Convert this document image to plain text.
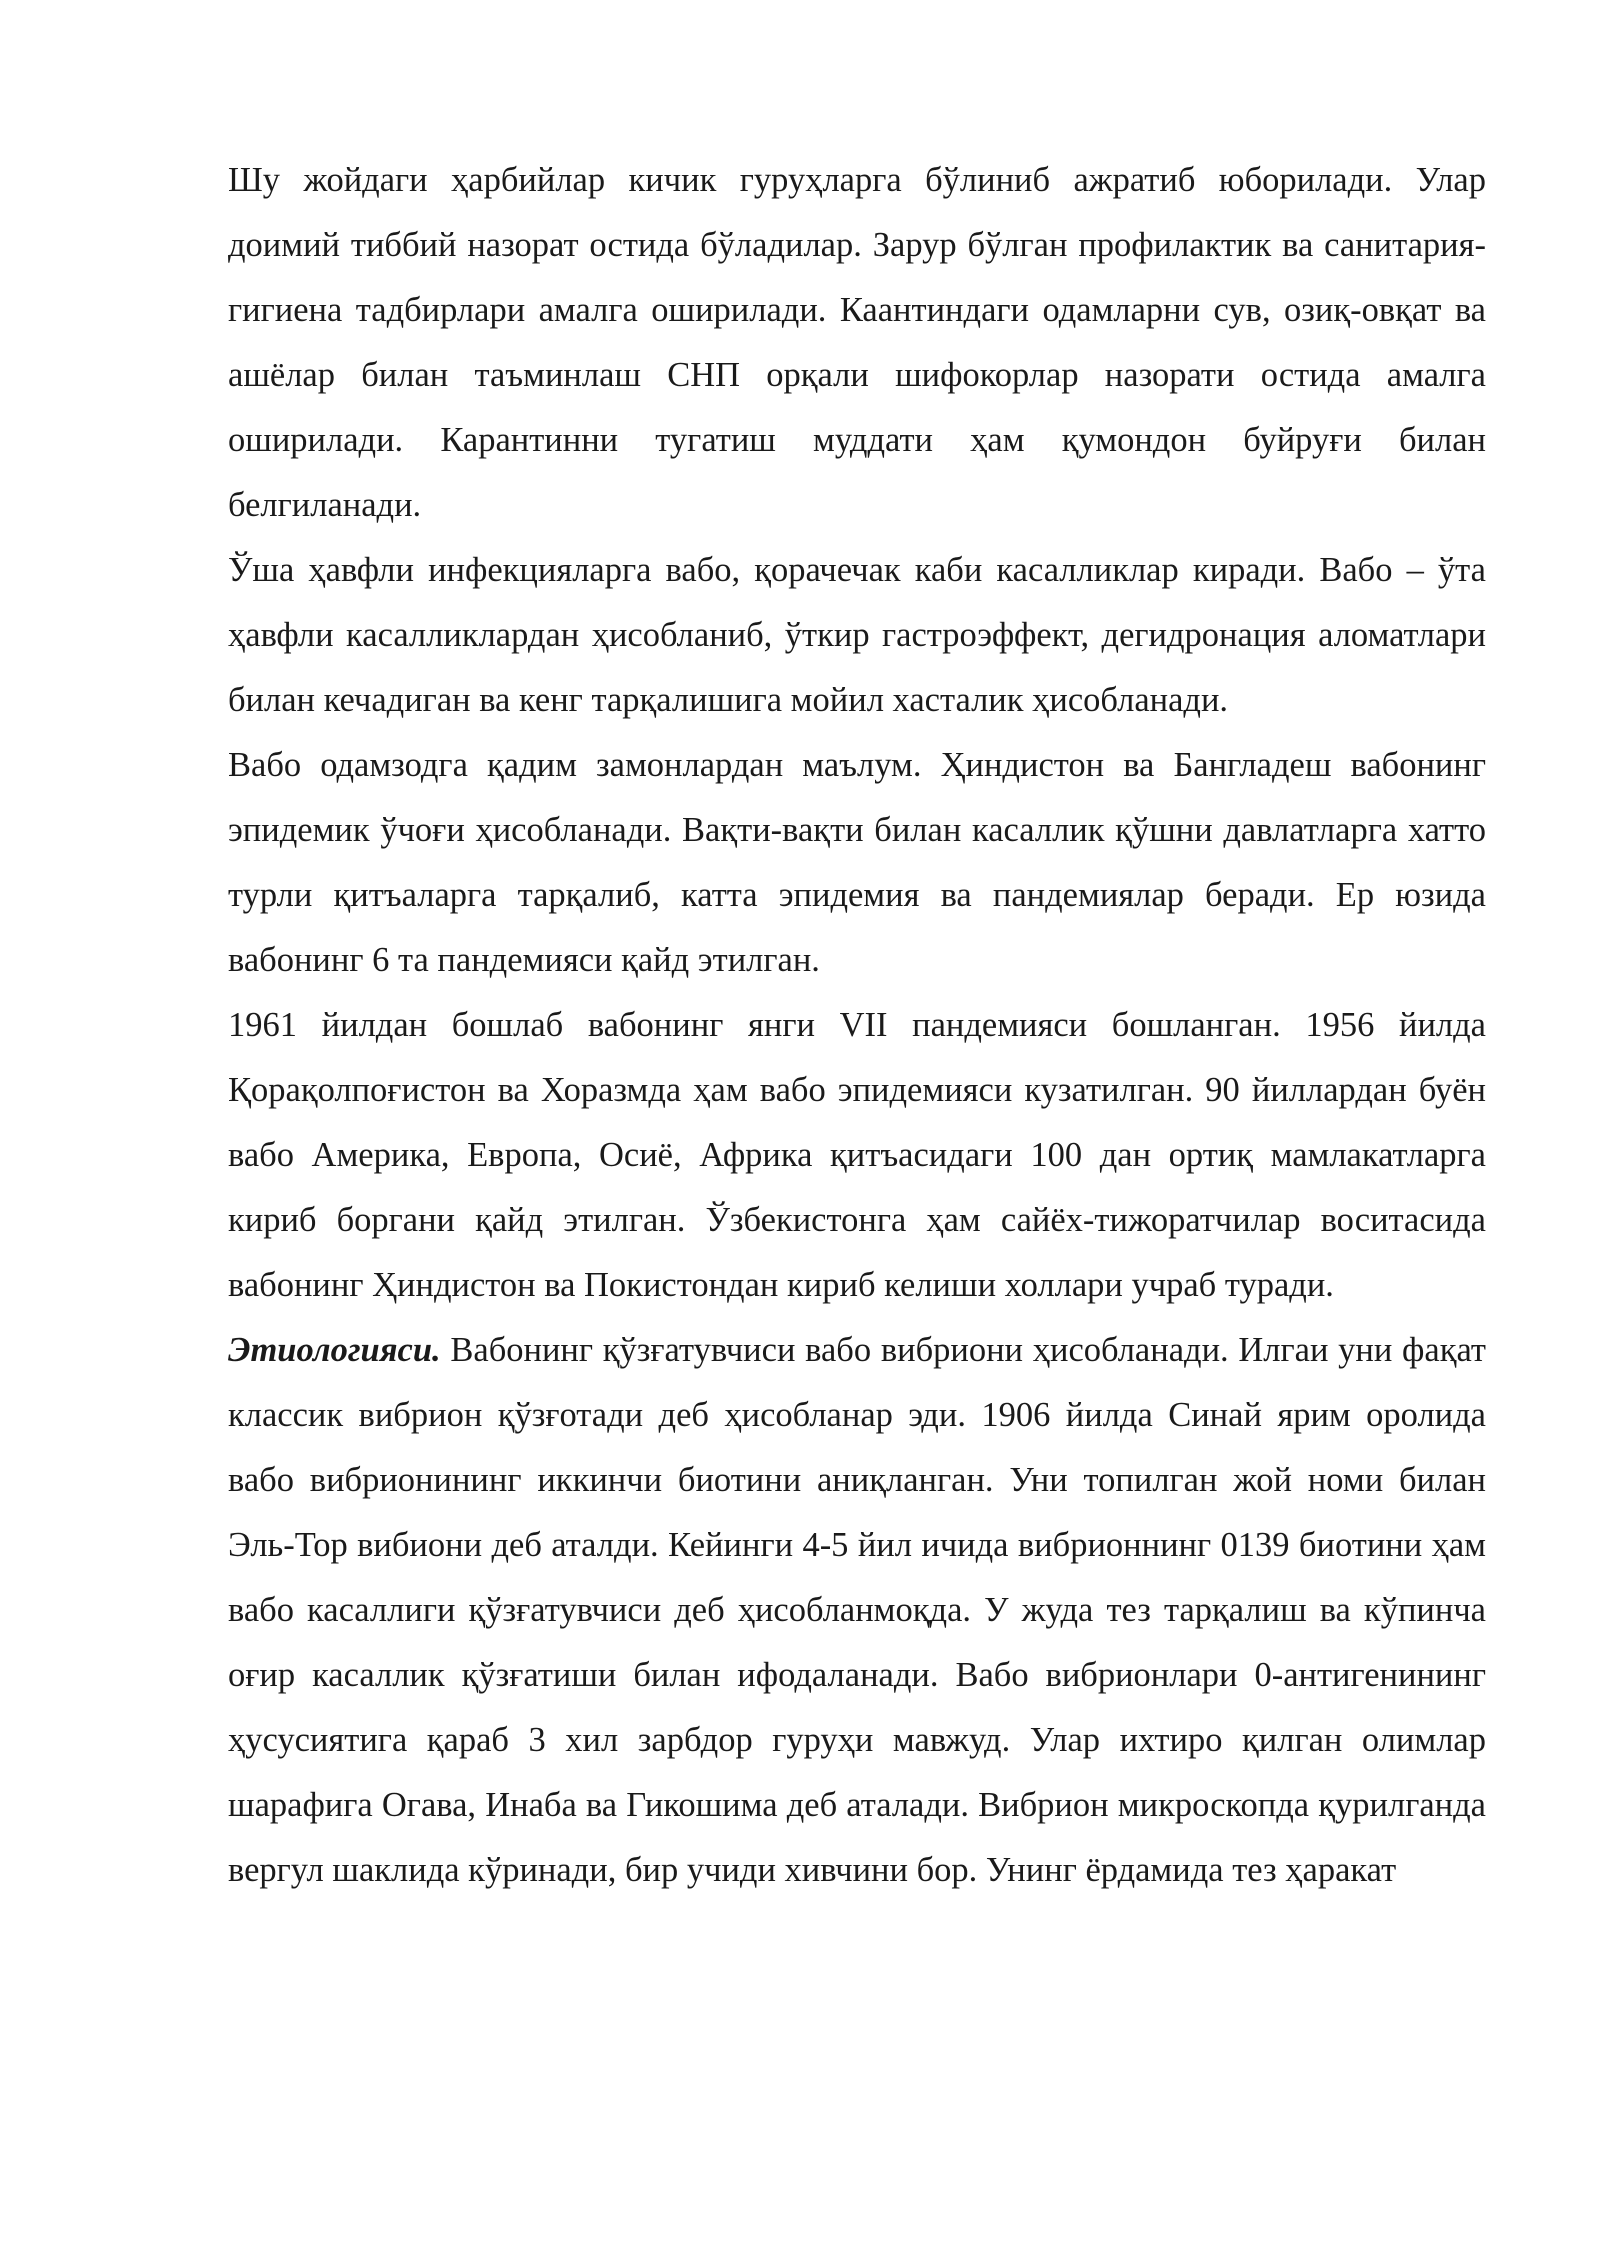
Шу жойдаги ҳарбийлар кичик гуруҳларга бўлиниб ажратиб юборилади. Улар доимий тиббий назорат остида бўладилар. Зарур бўлган профилактик ва санитария-гигиена тадбирлари амалга оширилади. Каантиндаги одамларни сув, озиқ-овқат ва ашёлар билан таъминлаш СНП орқали шифокорлар назорати остида амалга оширилади. Карантинни тугатиш муддати ҳам қумондон буйруғи билан белгиланади.

Ўша ҳавфли инфекцияларга вабо, қорачечак каби касалликлар киради. Вабо – ўта ҳавфли касалликлардан ҳисобланиб, ўткир гастроэффект, дегидронация аломатлари билан кечадиган ва кенг тарқалишига мойил хасталик ҳисобланади.

Вабо одамзодга қадим замонлардан маълум. Ҳиндистон ва Бангладеш вабонинг эпидемик ўчоғи ҳисобланади. Вақти-вақти билан касаллик қўшни давлатларга хатто турли қитъаларга тарқалиб, катта эпидемия ва пандемиялар беради. Ер юзида вабонинг 6 та пандемияси қайд этилган.

1961 йилдан бошлаб вабонинг янги VII пандемияси бошланган. 1956 йилда Қорақолпоғистон ва Хоразмда ҳам вабо эпидемияси кузатилган. 90 йиллардан буён вабо Америка, Европа, Осиё, Африка қитъасидаги 100 дан ортиқ мамлакатларга кириб боргани қайд этилган. Ўзбекистонга ҳам сайёх-тижоратчилар воситасида вабонинг Ҳиндистон ва Покистондан кириб келиши холлари учраб туради.

Этиологияси. Вабонинг қўзғатувчиси вабо вибриони ҳисобланади. Илгаи уни фақат классик вибрион қўзғотади деб ҳисобланар эди. 1906 йилда Синай ярим оролида вабо вибрионининг иккинчи биотини аниқланган. Уни топилган жой номи билан Эль-Тор вибиони деб аталди. Кейинги 4-5 йил ичида вибрионнинг 0139 биотини ҳам вабо касаллиги қўзғатувчиси деб ҳисобланмоқда. У жуда тез тарқалиш ва кўпинча оғир касаллик қўзғатиши билан ифодаланади. Вабо вибрионлари 0-антигенининг ҳусусиятига қараб 3 хил зарбдор гуруҳи мавжуд. Улар ихтиро қилган олимлар шарафига Огава, Инаба ва Гикошима деб аталади. Вибрион микроскопда қурилганда вергул шаклида кўринади, бир учиди хивчини бор. Унинг ёрдамида тез ҳаракат
